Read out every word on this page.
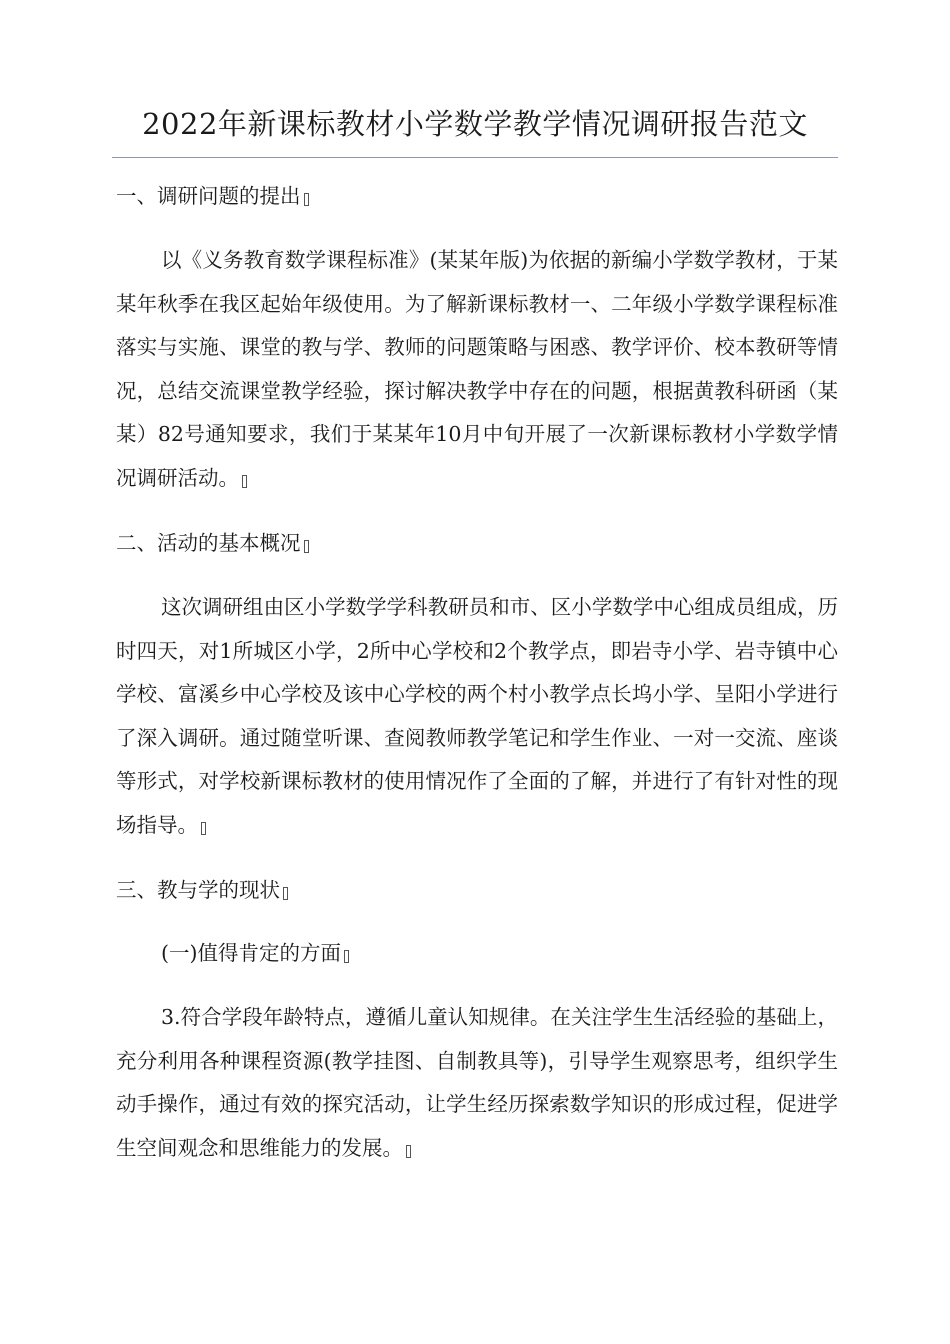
2022年新课标教材小学数学教学情况调研报告范文
一、调研问题的提出
以《义务教育数学课程标准》(某某年版)为依据的新编小学数学教材，于某某年秋季在我区起始年级使用。为了解新课标教材一、二年级小学数学课程标准落实与实施、课堂的教与学、教师的问题策略与困惑、教学评价、校本教研等情况，总结交流课堂教学经验，探讨解决教学中存在的问题，根据黄教科研函（某某）82号通知要求，我们于某某年10月中旬开展了一次新课标教材小学数学情况调研活动。
二、活动的基本概况
这次调研组由区小学数学学科教研员和市、区小学数学中心组成员组成，历时四天，对1所城区小学，2所中心学校和2个教学点，即岩寺小学、岩寺镇中心学校、富溪乡中心学校及该中心学校的两个村小教学点长坞小学、呈阳小学进行了深入调研。通过随堂听课、查阅教师教学笔记和学生作业、一对一交流、座谈等形式，对学校新课标教材的使用情况作了全面的了解，并进行了有针对性的现场指导。
三、教与学的现状
(一)值得肯定的方面
3.符合学段年龄特点，遵循儿童认知规律。在关注学生生活经验的基础上，充分利用各种课程资源(教学挂图、自制教具等)，引导学生观察思考，组织学生动手操作，通过有效的探究活动，让学生经历探索数学知识的形成过程，促进学生空间观念和思维能力的发展。
